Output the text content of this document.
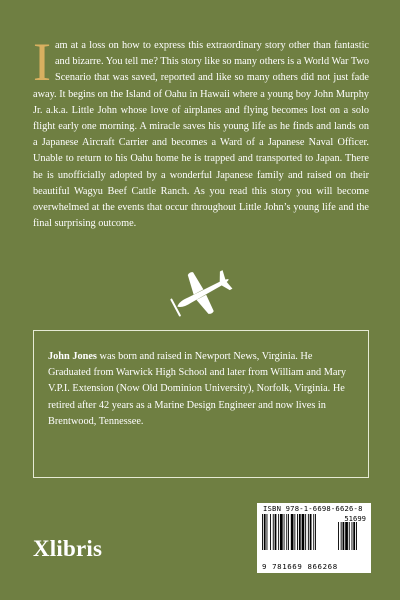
Iam at a loss on how to express this extraordinary story other than fantastic and bizarre. You tell me? This story like so many others is a World War Two Scenario that was saved, reported and like so many others did not just fade away. It begins on the Island of Oahu in Hawaii where a young boy John Murphy Jr. a.k.a. Little John whose love of airplanes and flying becomes lost on a solo flight early one morning. A miracle saves his young life as he finds and lands on a Japanese Aircraft Carrier and becomes a Ward of a Japanese Naval Officer. Unable to return to his Oahu home he is trapped and transported to Japan. There he is unofficially adopted by a wonderful Japanese family and raised on their beautiful Wagyu Beef Cattle Ranch. As you read this story you will become overwhelmed at the events that occur throughout Little John’s young life and the final surprising outcome.
John Jones was born and raised in Newport News, Virginia. He Graduated from Warwick High School and later from William and Mary V.P.I. Extension (Now Old Dominion University), Norfolk, Virginia. He retired after 42 years as a Marine Design Engineer and now lives in Brentwood, Tennessee.
Xlibris
ISBN 978-1-6698-6626-8
51699
9 781669 866268
